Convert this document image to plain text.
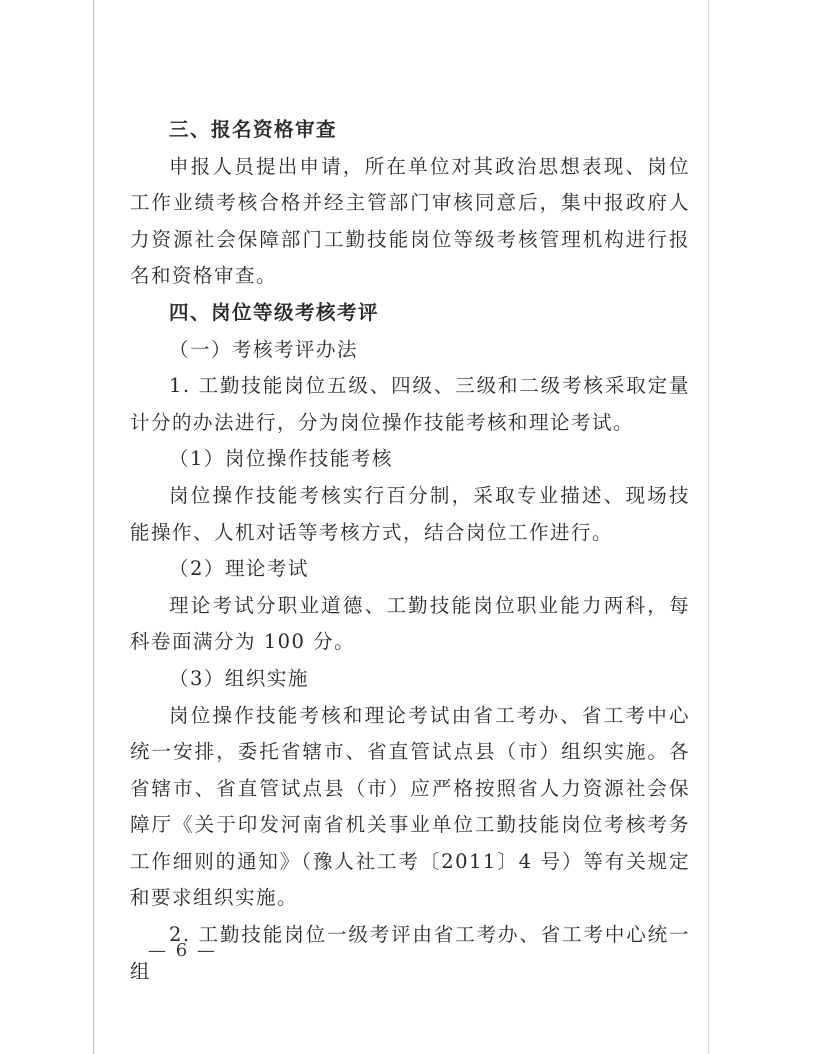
三、报名资格审查

申报人员提出申请，所在单位对其政治思想表现、岗位工作业绩考核合格并经主管部门审核同意后，集中报政府人力资源社会保障部门工勤技能岗位等级考核管理机构进行报名和资格审查。

四、岗位等级考核考评

（一）考核考评办法

1. 工勤技能岗位五级、四级、三级和二级考核采取定量计分的办法进行，分为岗位操作技能考核和理论考试。

（1）岗位操作技能考核

岗位操作技能考核实行百分制，采取专业描述、现场技能操作、人机对话等考核方式，结合岗位工作进行。

（2）理论考试

理论考试分职业道德、工勤技能岗位职业能力两科，每科卷面满分为 100 分。

（3）组织实施

岗位操作技能考核和理论考试由省工考办、省工考中心统一安排，委托省辖市、省直管试点县（市）组织实施。各省辖市、省直管试点县（市）应严格按照省人力资源社会保障厅《关于印发河南省机关事业单位工勤技能岗位考核考务工作细则的通知》（豫人社工考〔2011〕4 号）等有关规定和要求组织实施。

2. 工勤技能岗位一级考评由省工考办、省工考中心统一组

— 6 —
